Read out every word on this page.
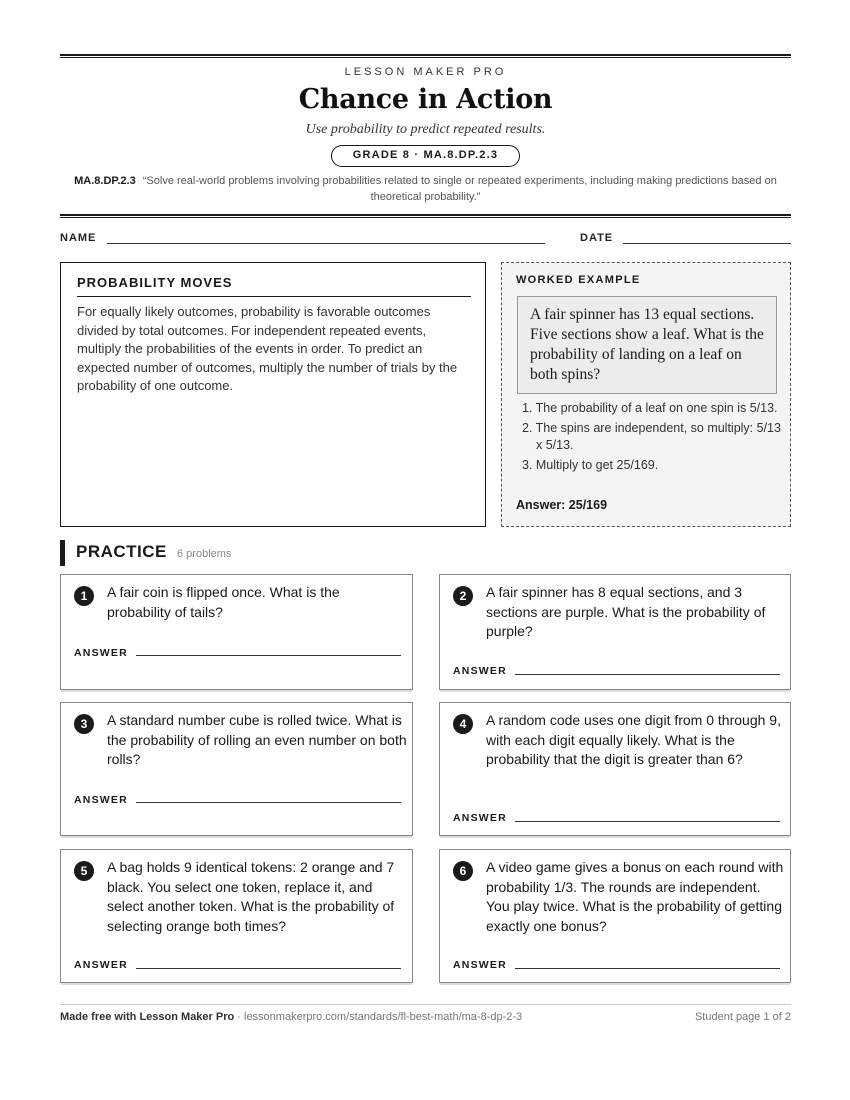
LESSON MAKER PRO
Chance in Action
Use probability to predict repeated results.
GRADE 8 · MA.8.DP.2.3
MA.8.DP.2.3 “Solve real-world problems involving probabilities related to single or repeated experiments, including making predictions based on theoretical probability.”
NAME	DATE
PROBABILITY MOVES
For equally likely outcomes, probability is favorable outcomes divided by total outcomes. For independent repeated events, multiply the probabilities of the events in order. To predict an expected number of outcomes, multiply the number of trials by the probability of one outcome.
WORKED EXAMPLE
A fair spinner has 13 equal sections. Five sections show a leaf. What is the probability of landing on a leaf on both spins?
1. The probability of a leaf on one spin is 5/13.
2. The spins are independent, so multiply: 5/13 x 5/13.
3. Multiply to get 25/169.
Answer: 25/169
PRACTICE 6 problems
1	A fair coin is flipped once. What is the probability of tails?
ANSWER
2	A fair spinner has 8 equal sections, and 3 sections are purple. What is the probability of purple?
ANSWER
3	A standard number cube is rolled twice. What is the probability of rolling an even number on both rolls?
ANSWER
4	A random code uses one digit from 0 through 9, with each digit equally likely. What is the probability that the digit is greater than 6?
ANSWER
5	A bag holds 9 identical tokens: 2 orange and 7 black. You select one token, replace it, and select another token. What is the probability of selecting orange both times?
ANSWER
6	A video game gives a bonus on each round with probability 1/3. The rounds are independent. You play twice. What is the probability of getting exactly one bonus?
ANSWER
Made free with Lesson Maker Pro · lessonmakerpro.com/standards/fl-best-math/ma-8-dp-2-3	Student page 1 of 2
